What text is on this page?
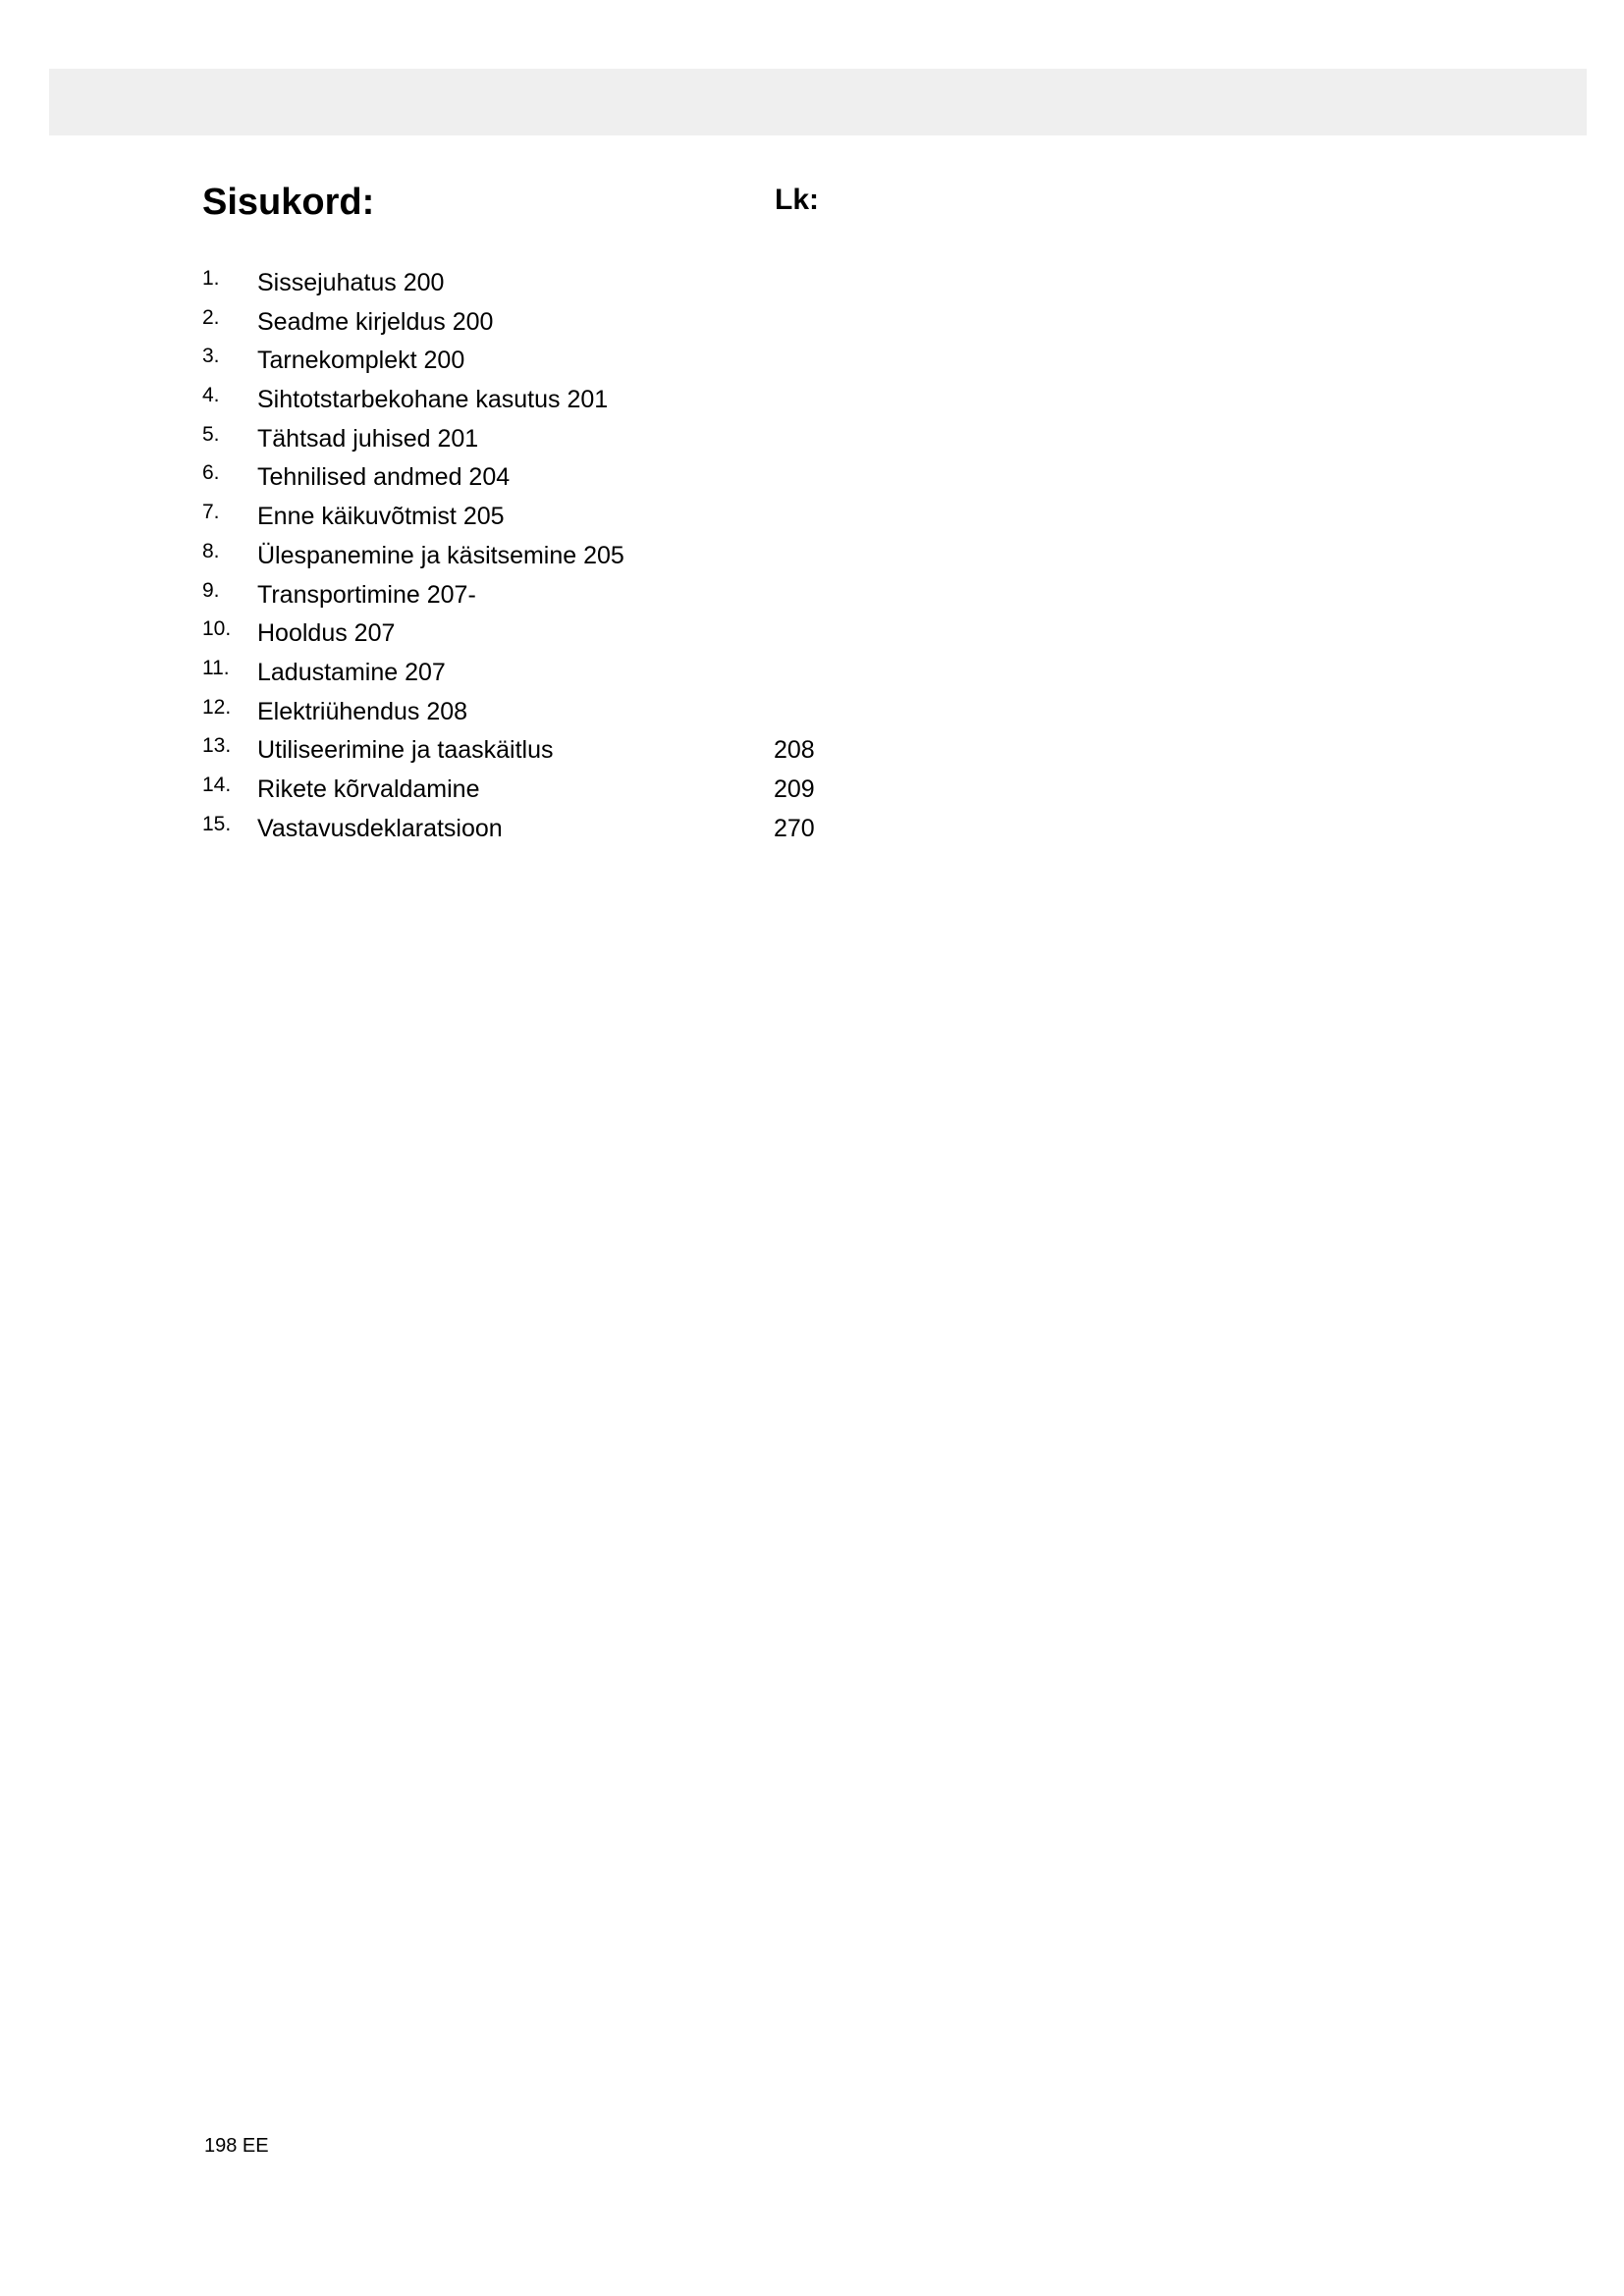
Sisukord:	Lk:
1. Sissejuhatus 200
2. Seadme kirjeldus 200
3. Tarnekomplekt 200
4. Sihtotstarbekohane kasutus 201
5. Tähtsad juhised 201
6. Tehnilised andmed 204
7. Enne käikuvõtmist 205
8. Ülespanemine ja käsitsemine 205
9. Transportimine 207-
10. Hooldus 207
11. Ladustamine 207
12. Elektriühendus 208
13. Utiliseerimine ja taaskäitlus	208
14. Rikete kõrvaldamine	209
15. Vastavusdeklaratsioon	270
198 EE
